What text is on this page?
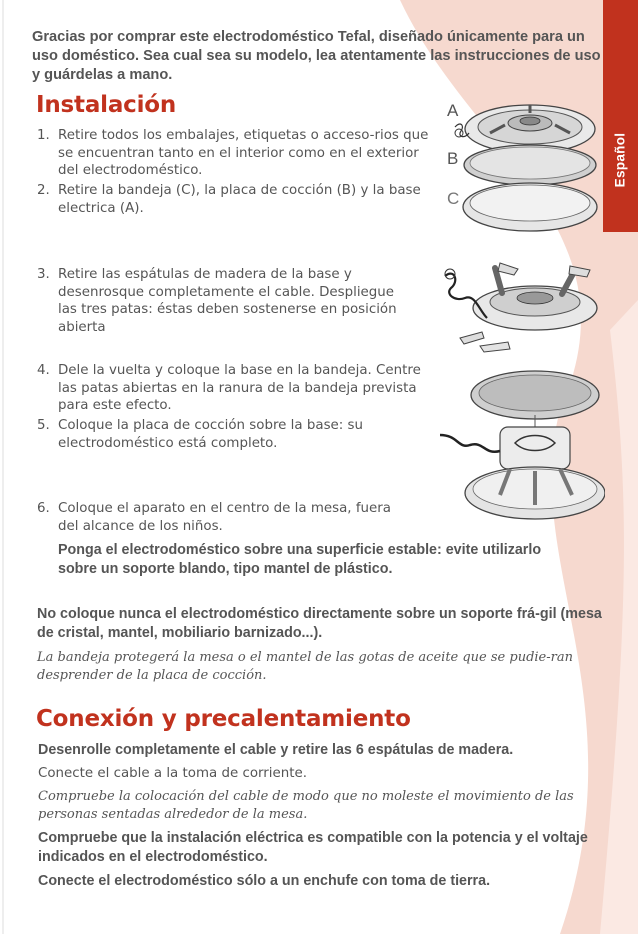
Español

Gracias por comprar este electrodoméstico Tefal, diseñado únicamente para un uso doméstico. Sea cual sea su modelo, lea atentamente las instrucciones de uso y guárdelas a mano.

Instalación
1. Retire todos los embalajes, etiquetas o acceso-rios que se encuentran tanto en el interior como en el exterior del electrodoméstico.
2. Retire la bandeja (C), la placa de cocción (B) y la base electrica (A).
3. Retire las espátulas de madera de la base y desenrosque completamente el cable. Despliegue las tres patas: éstas deben sostenerse en posición abierta
4. Dele la vuelta y coloque la base en la bandeja. Centre las patas abiertas en la ranura de la bandeja prevista para este efecto.
5. Coloque la placa de cocción sobre la base: su electrodoméstico está completo.
6. Coloque el aparato en el centro de la mesa, fuera del alcance de los niños.

Ponga el electrodoméstico sobre una superficie estable: evite utilizarlo sobre un soporte blando, tipo mantel de plástico.

No coloque nunca el electrodoméstico directamente sobre un soporte frá-gil (mesa de cristal, mantel, mobiliario barnizado...).

La bandeja protegerá la mesa o el mantel de las gotas de aceite que se pudie-ran desprender de la placa de cocción.

Conexión y precalentamiento

Desenrolle completamente el cable y retire las 6 espátulas de madera.

Conecte el cable a la toma de corriente.

Compruebe la colocación del cable de modo que no moleste el movimiento de las personas sentadas alrededor de la mesa.

Compruebe que la instalación eléctrica es compatible con la potencia y el voltaje indicados en el electrodoméstico.

Conecte el electrodoméstico sólo a un enchufe con toma de tierra.

A
B
C
